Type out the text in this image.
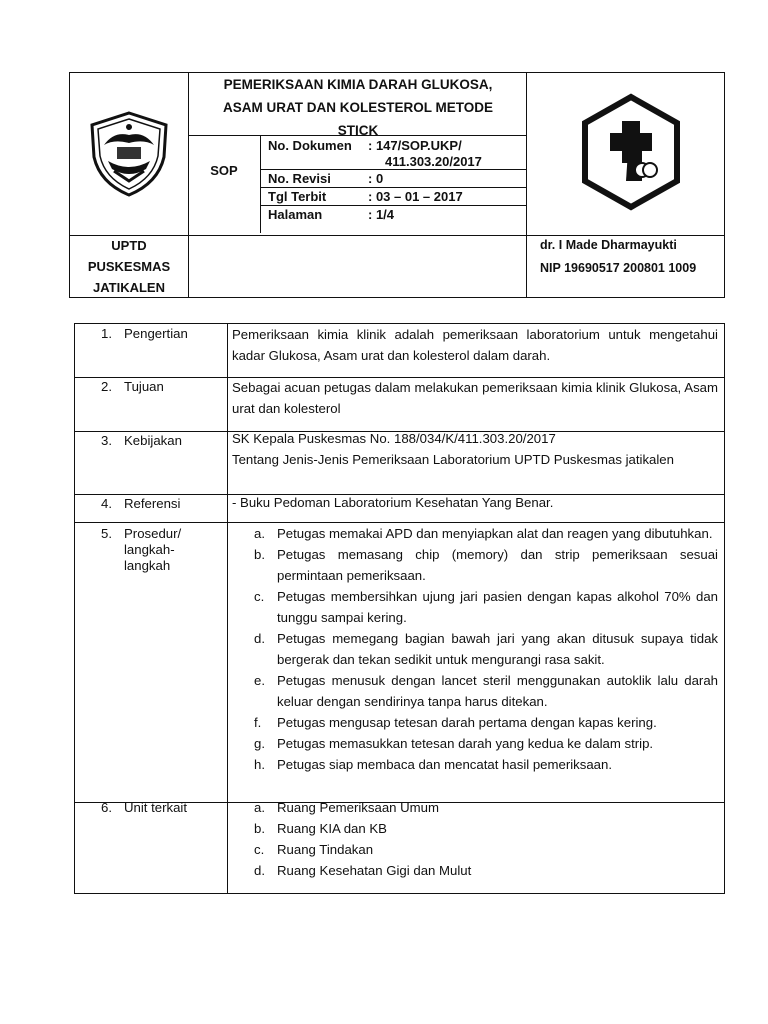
PEMERIKSAAN KIMIA DARAH GLUKOSA,
ASAM URAT DAN KOLESTEROL METODE
STICK
SOP
No. Dokumen : 147/SOP.UKP/
411.303.20/2017
No. Revisi	: 0
Tgl Terbit	: 03 – 01 – 2017
Halaman	: 1/4
UPTD
PUSKESMAS
JATIKALEN
dr. I Made Dharmayukti
NIP 19690517 200801 1009
1. Pengertian	Pemeriksaan kimia klinik adalah pemeriksaan laboratorium untuk mengetahui kadar Glukosa, Asam urat dan kolesterol dalam darah.
2. Tujuan	Sebagai acuan petugas dalam melakukan pemeriksaan kimia klinik Glukosa, Asam urat dan kolesterol
3. Kebijakan	SK Kepala Puskesmas No. 188/034/K/411.303.20/2017
Tentang Jenis-Jenis Pemeriksaan Laboratorium UPTD Puskesmas jatikalen
4. Referensi	- Buku Pedoman Laboratorium Kesehatan Yang Benar.
5. Prosedur/
langkah-
langkah
a. Petugas memakai APD dan menyiapkan alat dan reagen yang dibutuhkan.
b. Petugas memasang chip (memory) dan strip pemeriksaan sesuai permintaan pemeriksaan.
c. Petugas membersihkan ujung jari pasien dengan kapas alkohol 70% dan tunggu sampai kering.
d. Petugas memegang bagian bawah jari yang akan ditusuk supaya tidak bergerak dan tekan sedikit untuk mengurangi rasa sakit.
e. Petugas menusuk dengan lancet steril menggunakan autoklik lalu darah keluar dengan sendirinya tanpa harus ditekan.
f. Petugas mengusap tetesan darah pertama dengan kapas kering.
g. Petugas memasukkan tetesan darah yang kedua ke dalam strip.
h. Petugas siap membaca dan mencatat hasil pemeriksaan.
6. Unit terkait	a. Ruang Pemeriksaan Umum
b. Ruang KIA dan KB
c. Ruang Tindakan
d. Ruang Kesehatan Gigi dan Mulut
